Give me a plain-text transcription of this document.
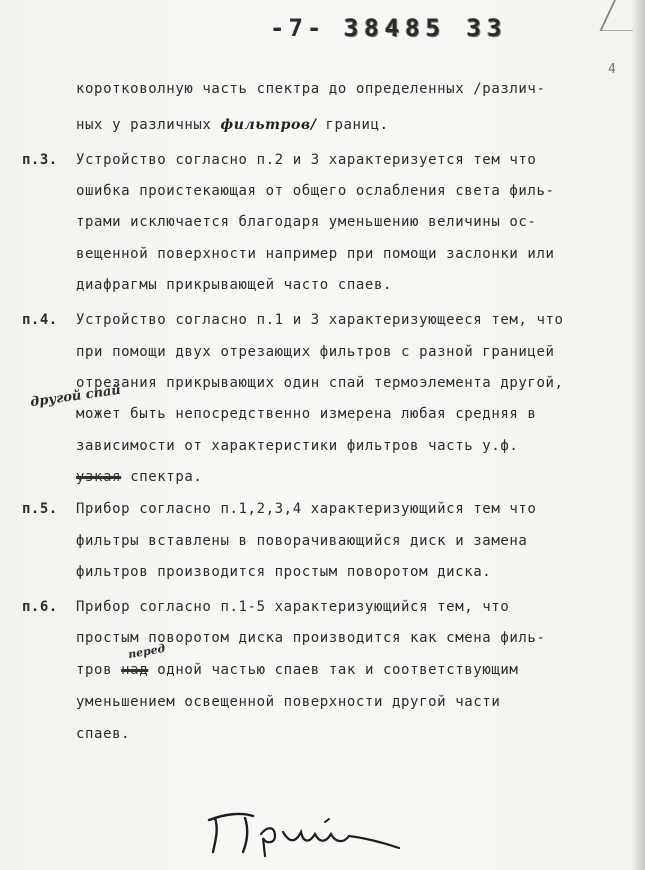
-7- 38485 33
4
коротковолную часть спектра до определенных /различ-
ных у различных фильтров/ границ.
п.3. Устройство согласно п.2 и 3 характеризуется тем что
ошибка проистекающая от общего ослабления света филь-
трами исключается благодаря уменьшению величины ос-
вещенной поверхности например при помощи заслонки или
диафрагмы прикрывающей часто спаев.
п.4. Устройство согласно п.1 и 3 характеризующееся тем, что
при помощи двух отрезающих фильтров с разной границей
отрезания прикрывающих один спай термоэлемента другой,
другой спай
может быть непосредственно измерена любая средняя в
зависимости от характеристики фильтров часть у.ф.
узкая спектра.
п.5. Прибор согласно п.1,2,3,4 характеризующийся тем что
фильтры вставлены в поворачивающийся диск и замена
фильтров производится простым поворотом диска.
п.6. Прибор согласно п.1-5 характеризующийся тем, что
простым поворотом диска производится как смена филь-
перед
тров над одной частью спаев так и соответствующим
уменьшением освещенной поверхности другой части
спаев.
